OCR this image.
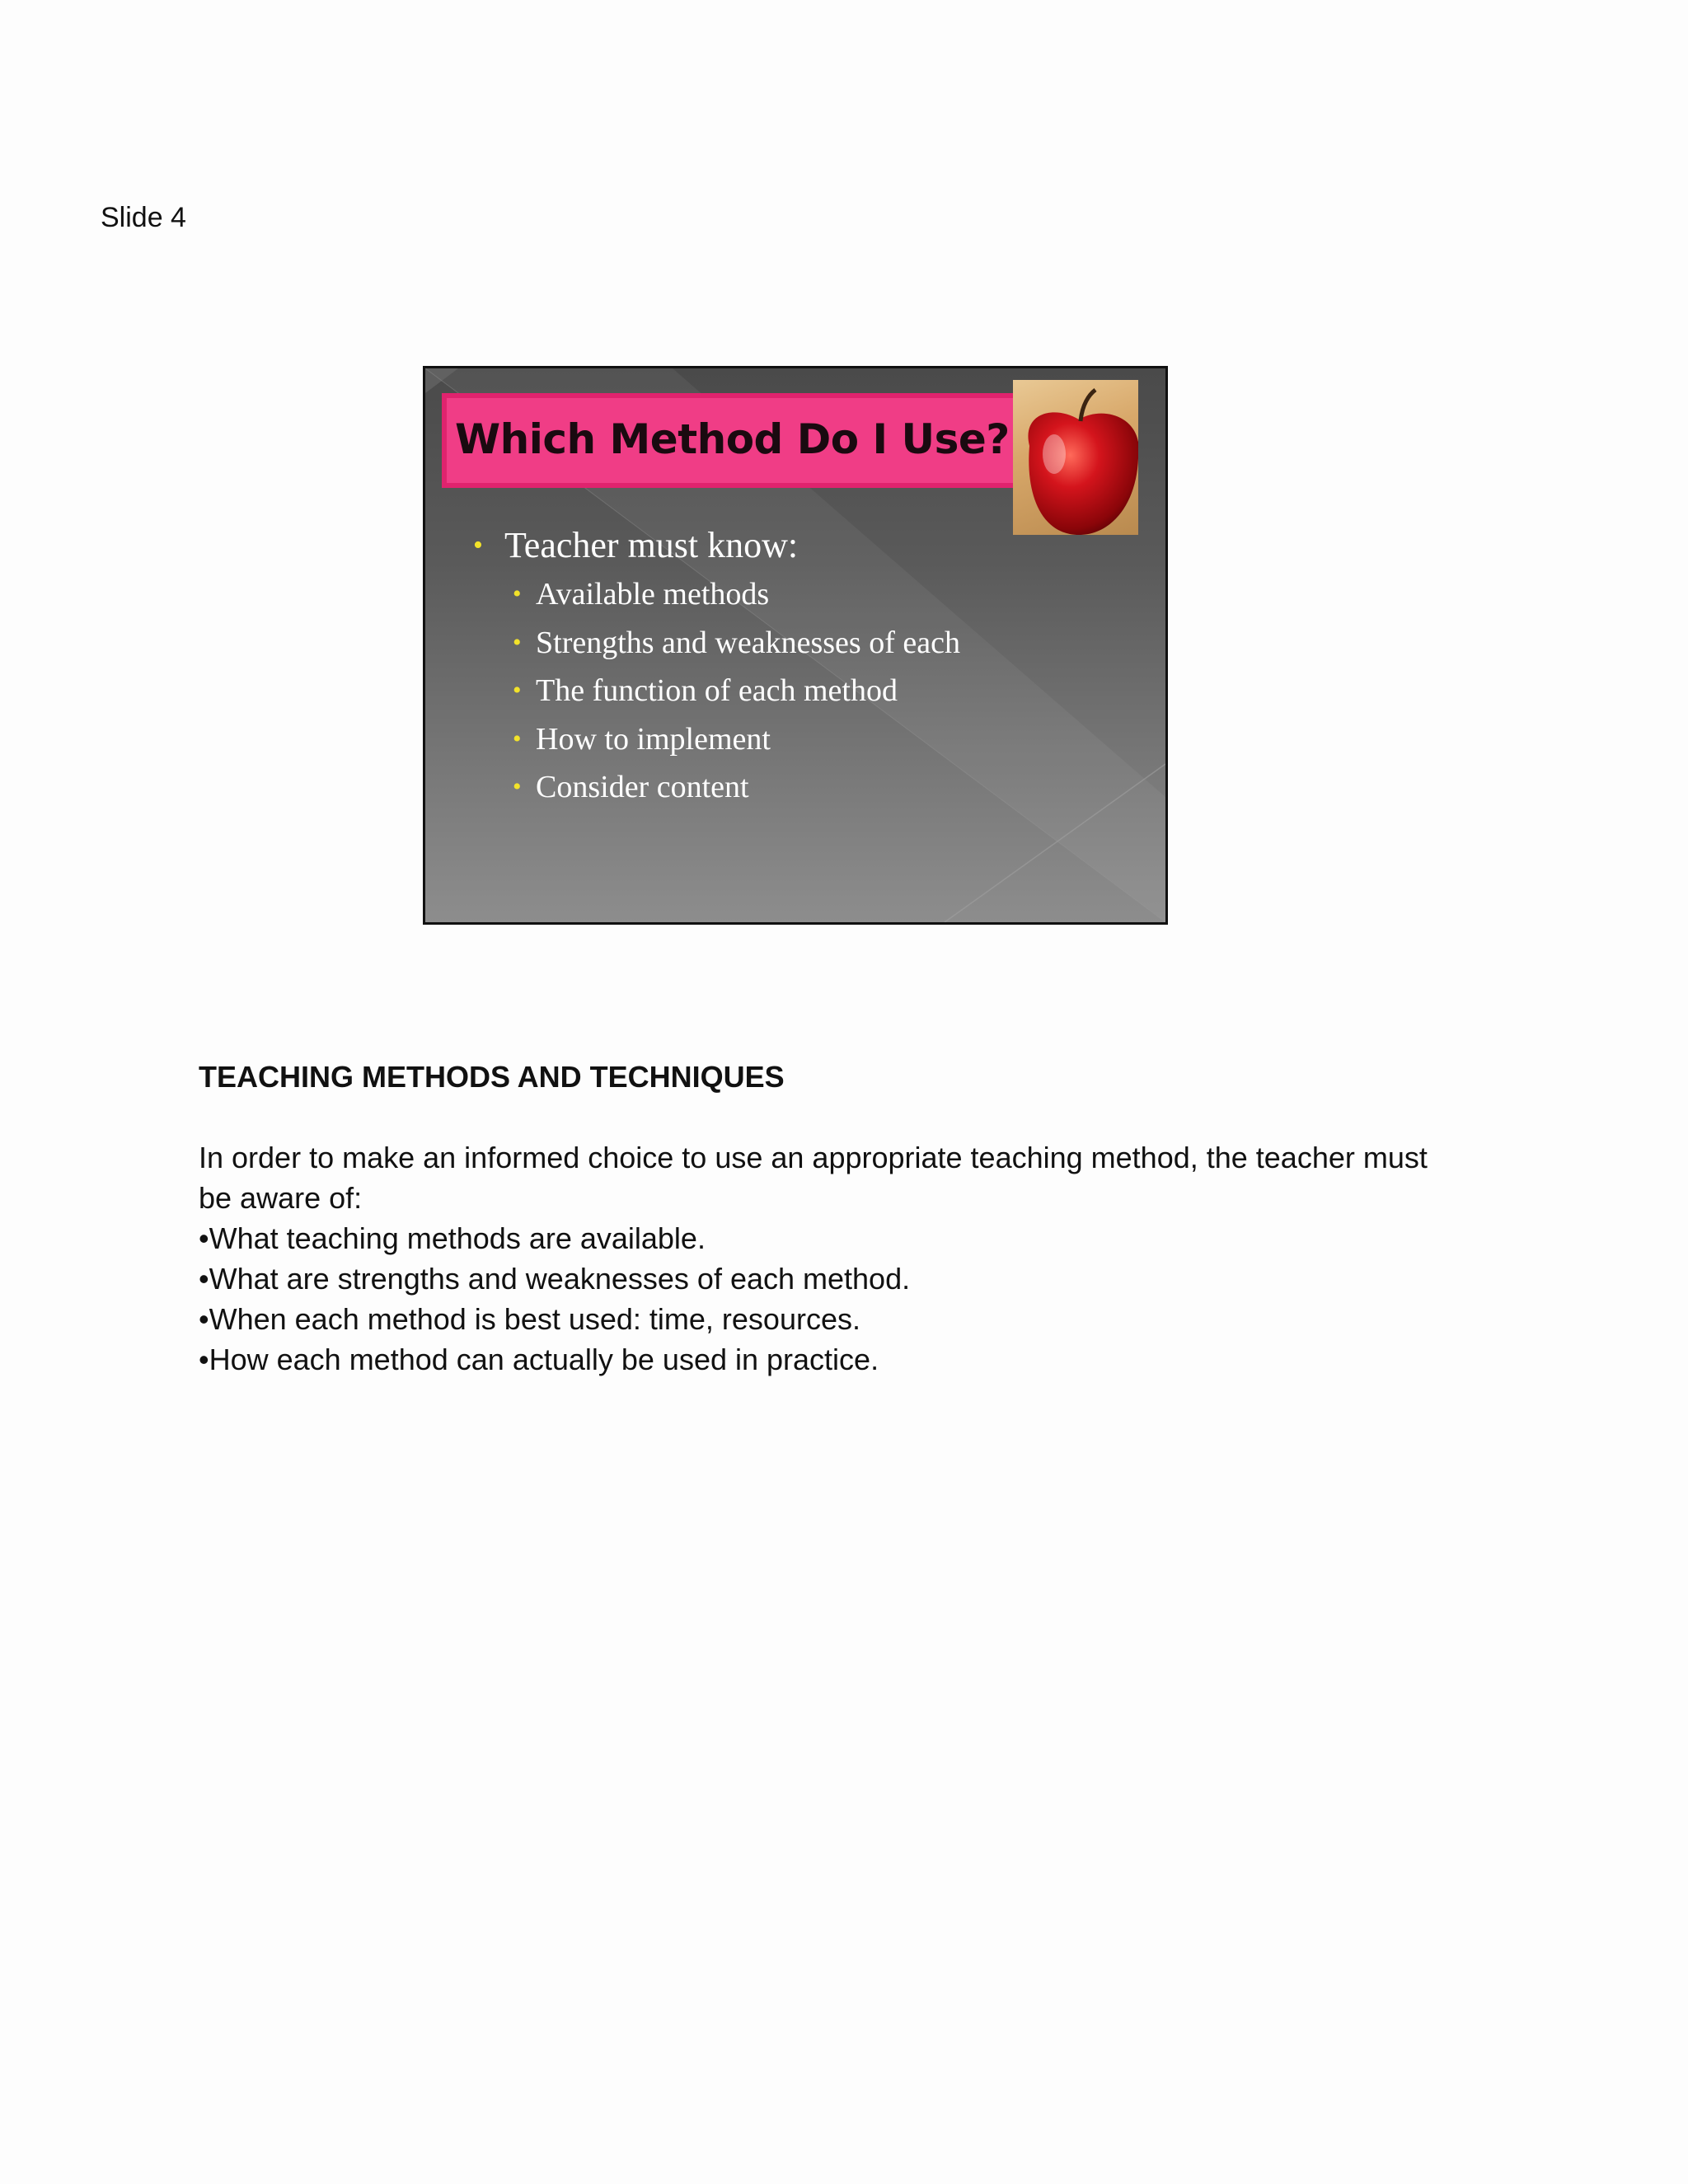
Slide 4
Which Method Do I Use?
• Teacher must know:
• Available methods
• Strengths and weaknesses of each
• The function of each method
• How to implement
• Consider content

TEACHING METHODS AND TECHNIQUES

In order to make an informed choice to use an appropriate teaching method, the teacher must

be aware of:

•What teaching methods are available.

•What are strengths and weaknesses of each method.

•When each method is best used: time, resources.

•How each method can actually be used in practice.
